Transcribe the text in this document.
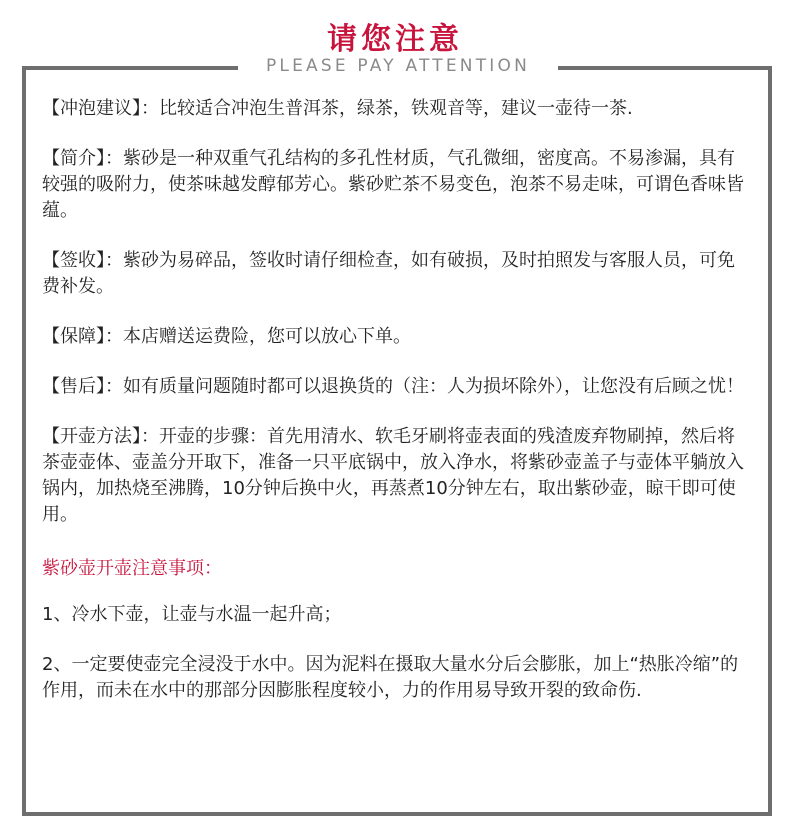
请您注意
PLEASE PAY ATTENTION

【冲泡建议】：比较适合冲泡生普洱茶，绿茶，铁观音等，建议一壶待一茶.

【简介】：紫砂是一种双重气孔结构的多孔性材质，气孔微细，密度高。不易渗漏，具有较强的吸附力，使茶味越发醇郁芳心。紫砂贮茶不易变色，泡茶不易走味，可谓色香味皆蕴。

【签收】：紫砂为易碎品，签收时请仔细检查，如有破损，及时拍照发与客服人员，可免费补发。

【保障】：本店赠送运费险，您可以放心下单。

【售后】：如有质量问题随时都可以退换货的（注：人为损坏除外），让您没有后顾之忧！

【开壶方法】：开壶的步骤：首先用清水、软毛牙刷将壶表面的残渣废弃物刷掉，然后将茶壶壶体、壶盖分开取下，准备一只平底锅中，放入净水，将紫砂壶盖子与壶体平躺放入锅内，加热烧至沸腾，10分钟后换中火，再蒸煮10分钟左右，取出紫砂壶，晾干即可使用。

紫砂壶开壶注意事项：

1、冷水下壶，让壶与水温一起升高；

2、一定要使壶完全浸没于水中。因为泥料在摄取大量水分后会膨胀，加上“热胀冷缩”的作用，而未在水中的那部分因膨胀程度较小，力的作用易导致开裂的致命伤.
